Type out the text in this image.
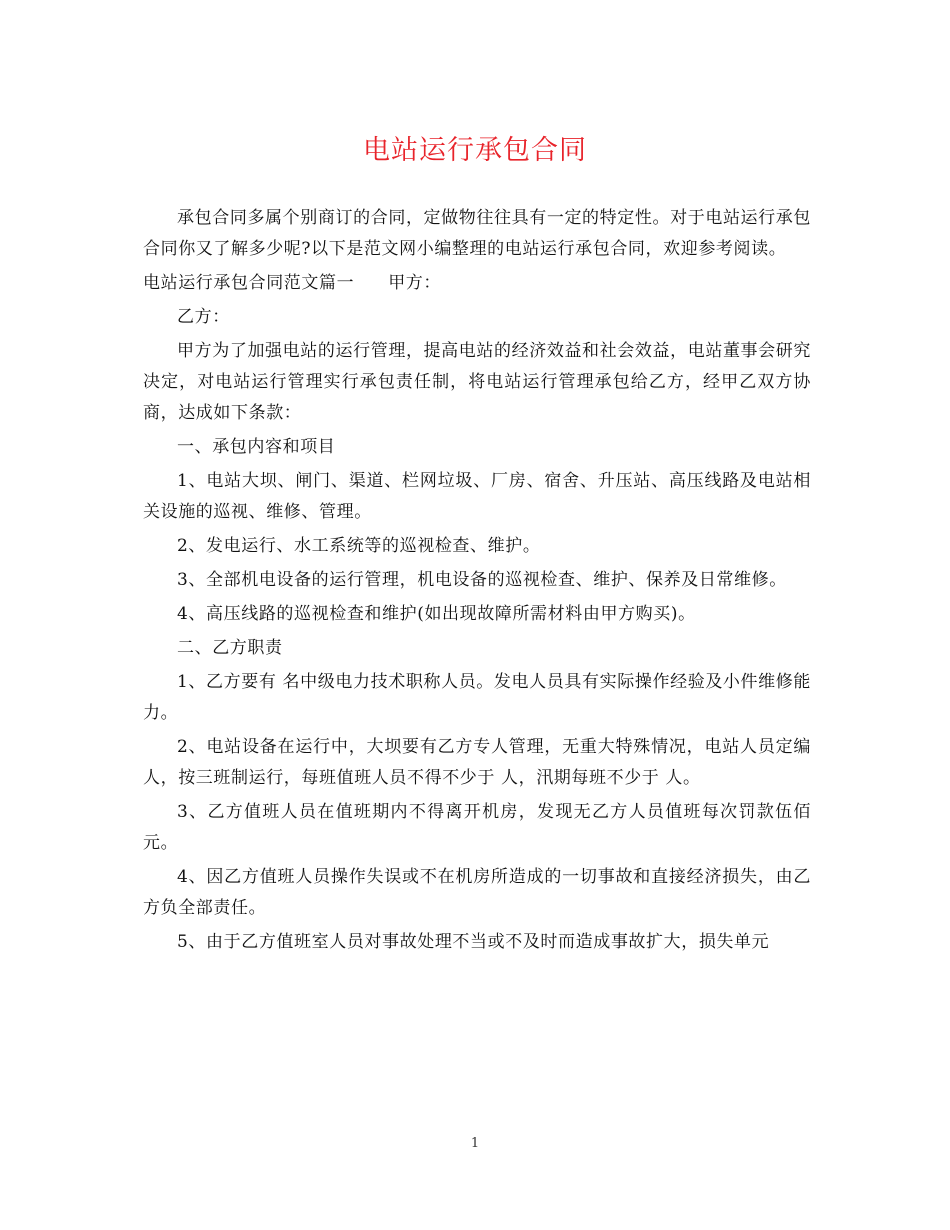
电站运行承包合同

承包合同多属个别商订的合同，定做物往往具有一定的特定性。对于电站运行承包合同你又了解多少呢?以下是范文网小编整理的电站运行承包合同，欢迎参考阅读。

电站运行承包合同范文篇一 甲方：

乙方：

甲方为了加强电站的运行管理，提高电站的经济效益和社会效益，电站董事会研究决定，对电站运行管理实行承包责任制，将电站运行管理承包给乙方，经甲乙双方协商，达成如下条款：

一、承包内容和项目

1、电站大坝、闸门、渠道、栏网垃圾、厂房、宿舍、升压站、高压线路及电站相关设施的巡视、维修、管理。

2、发电运行、水工系统等的巡视检查、维护。

3、全部机电设备的运行管理，机电设备的巡视检查、维护、保养及日常维修。

4、高压线路的巡视检查和维护(如出现故障所需材料由甲方购买)。

二、乙方职责

1、乙方要有 名中级电力技术职称人员。发电人员具有实际操作经验及小件维修能力。

2、电站设备在运行中，大坝要有乙方专人管理，无重大特殊情况，电站人员定编 人，按三班制运行，每班值班人员不得不少于 人，汛期每班不少于 人。

3、乙方值班人员在值班期内不得离开机房，发现无乙方人员值班每次罚款伍佰元。

4、因乙方值班人员操作失误或不在机房所造成的一切事故和直接经济损失，由乙方负全部责任。

5、由于乙方值班室人员对事故处理不当或不及时而造成事故扩大，损失单元

1
